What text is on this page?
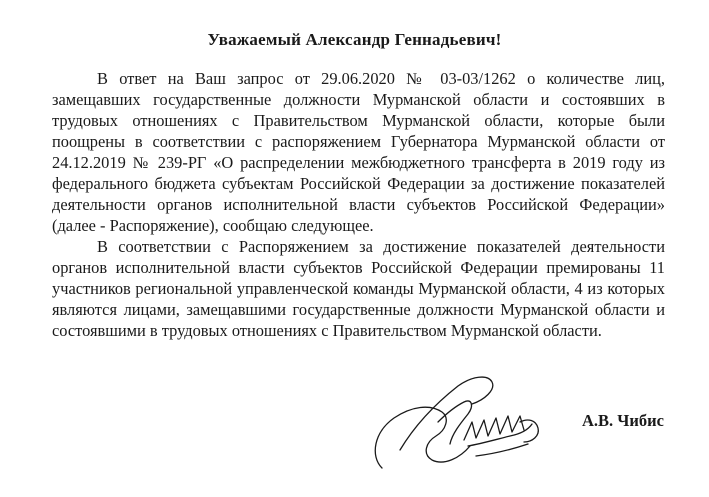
Уважаемый Александр Геннадьевич!

В ответ на Ваш запрос от 29.06.2020 № 03-03/1262 о количестве лиц, замещавших государственные должности Мурманской области и состоявших в трудовых отношениях с Правительством Мурманской области, которые были поощрены в соответствии с распоряжением Губернатора Мурманской области от 24.12.2019 № 239-РГ «О распределении межбюджетного трансферта в 2019 году из федерального бюджета субъектам Российской Федерации за достижение показателей деятельности органов исполнительной власти субъектов Российской Федерации» (далее - Распоряжение), сообщаю следующее.

В соответствии с Распоряжением за достижение показателей деятельности органов исполнительной власти субъектов Российской Федерации премированы 11 участников региональной управленческой команды Мурманской области, 4 из которых являются лицами, замещавшими государственные должности Мурманской области и состоявшими в трудовых отношениях с Правительством Мурманской области.

А.В. Чибис
